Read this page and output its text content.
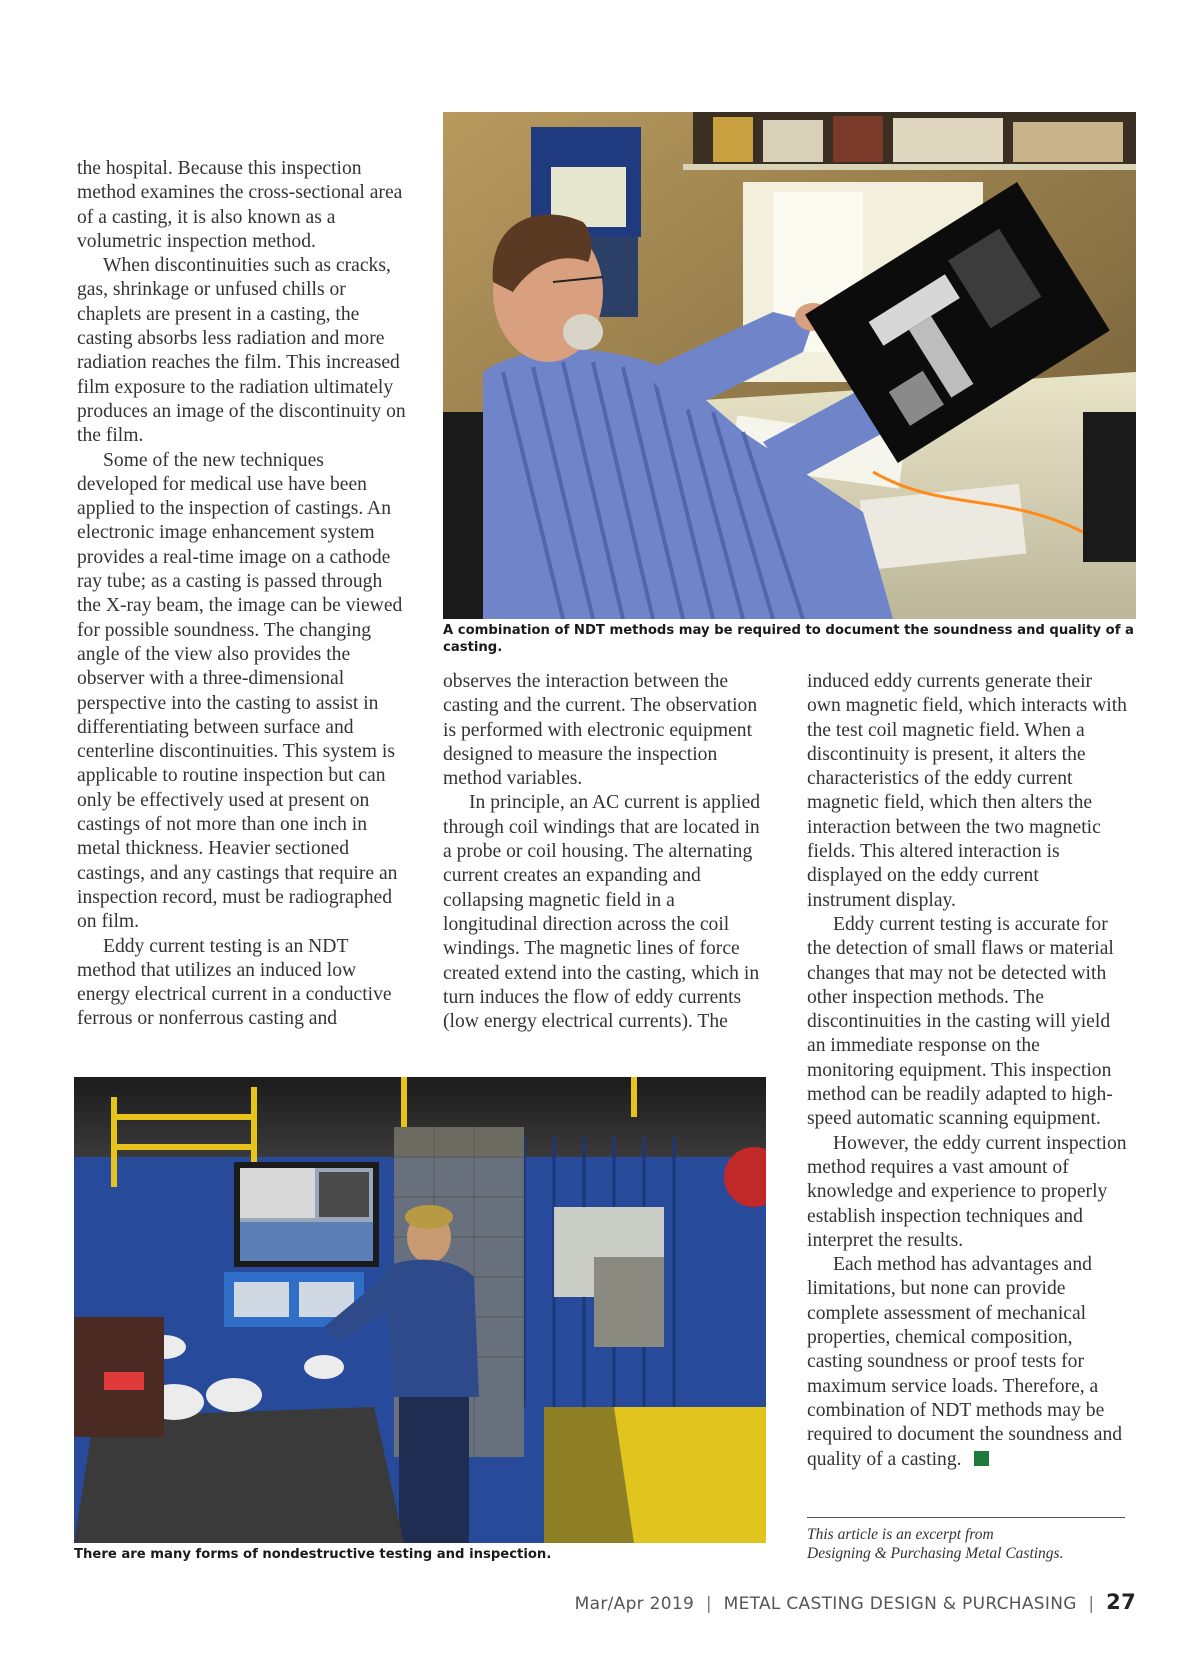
the hospital. Because this inspection method examines the cross-sectional area of a casting, it is also known as a volumetric inspection method.

When discontinuities such as cracks, gas, shrinkage or unfused chills or chaplets are present in a casting, the casting absorbs less radiation and more radiation reaches the film. This increased film exposure to the radiation ultimately produces an image of the discontinuity on the film.

Some of the new techniques developed for medical use have been applied to the inspection of castings. An electronic image enhancement system provides a real-time image on a cathode ray tube; as a casting is passed through the X-ray beam, the image can be viewed for possible soundness. The changing angle of the view also provides the observer with a three-dimensional perspective into the casting to assist in differentiating between surface and centerline discontinuities. This system is applicable to routine inspection but can only be effectively used at present on castings of not more than one inch in metal thickness. Heavier sectioned castings, and any castings that require an inspection record, must be radiographed on film.

Eddy current testing is an NDT method that utilizes an induced low energy electrical current in a conductive ferrous or nonferrous casting and

A combination of NDT methods may be required to document the soundness and quality of a casting.

observes the interaction between the casting and the current. The observation is performed with electronic equipment designed to measure the inspection method variables.

In principle, an AC current is applied through coil windings that are located in a probe or coil housing. The alternating current creates an expanding and collapsing magnetic field in a longitudinal direction across the coil windings. The magnetic lines of force created extend into the casting, which in turn induces the flow of eddy currents (low energy electrical currents). The

induced eddy currents generate their own magnetic field, which interacts with the test coil magnetic field. When a discontinuity is present, it alters the characteristics of the eddy current magnetic field, which then alters the interaction between the two magnetic fields. This altered interaction is displayed on the eddy current instrument display.

Eddy current testing is accurate for the detection of small flaws or material changes that may not be detected with other inspection methods. The discontinuities in the casting will yield an immediate response on the monitoring equipment. This inspection method can be readily adapted to high-speed automatic scanning equipment.

However, the eddy current inspection method requires a vast amount of knowledge and experience to properly establish inspection techniques and interpret the results.

Each method has advantages and limitations, but none can provide complete assessment of mechanical properties, chemical composition, casting soundness or proof tests for maximum service loads. Therefore, a combination of NDT methods may be required to document the soundness and quality of a casting.

This article is an excerpt from
Designing & Purchasing Metal Castings.
There are many forms of nondestructive testing and inspection.
Mar/Apr 2019 | METAL CASTING DESIGN & PURCHASING | 27
